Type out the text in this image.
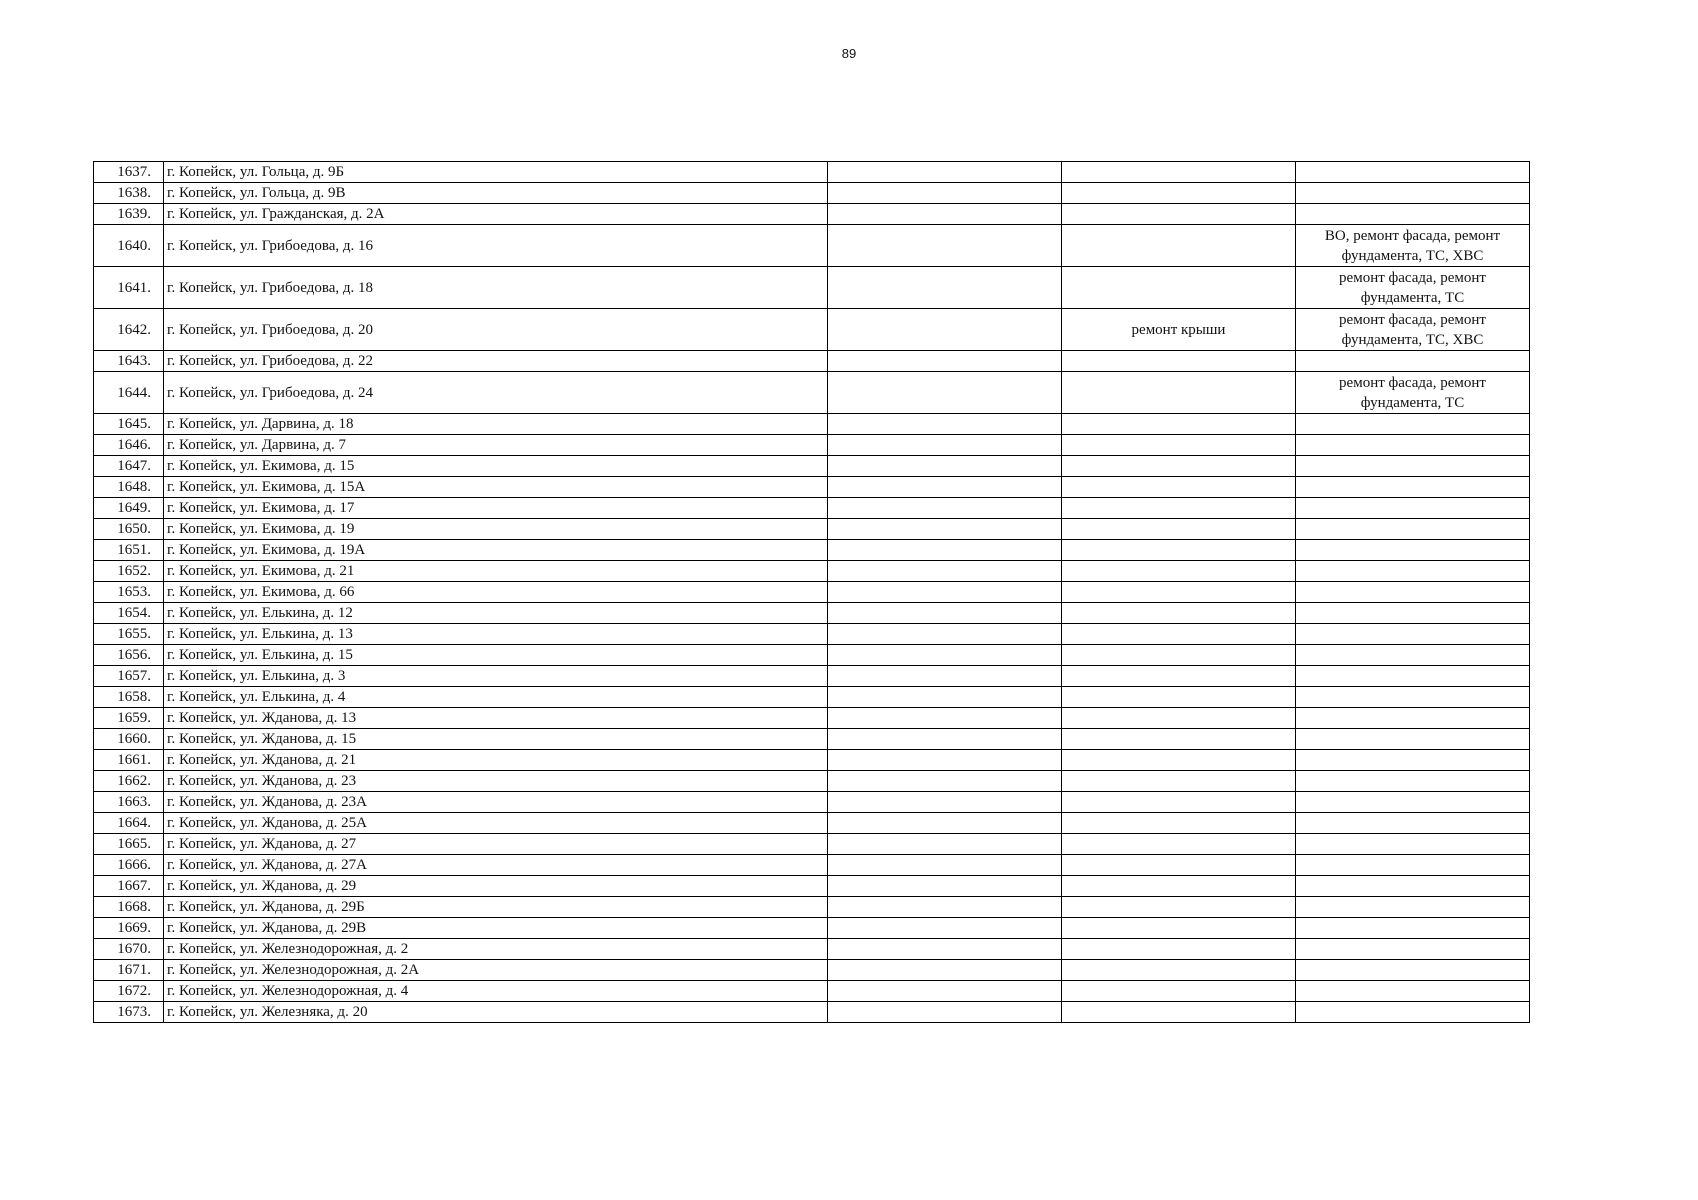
89
1637.	г. Копейск, ул. Гольца, д. 9Б			
1638.	г. Копейск, ул. Гольца, д. 9В			
1639.	г. Копейск, ул. Гражданская, д. 2А			
1640.	г. Копейск, ул. Грибоедова, д. 16			ВО, ремонт фасада, ремонт фундамента, ТС, ХВС
1641.	г. Копейск, ул. Грибоедова, д. 18			ремонт фасада, ремонт фундамента, ТС
1642.	г. Копейск, ул. Грибоедова, д. 20		ремонт крыши	ремонт фасада, ремонт фундамента, ТС, ХВС
1643.	г. Копейск, ул. Грибоедова, д. 22			
1644.	г. Копейск, ул. Грибоедова, д. 24			ремонт фасада, ремонт фундамента, ТС
1645.	г. Копейск, ул. Дарвина, д. 18			
1646.	г. Копейск, ул. Дарвина, д. 7			
1647.	г. Копейск, ул. Екимова, д. 15			
1648.	г. Копейск, ул. Екимова, д. 15А			
1649.	г. Копейск, ул. Екимова, д. 17			
1650.	г. Копейск, ул. Екимова, д. 19			
1651.	г. Копейск, ул. Екимова, д. 19А			
1652.	г. Копейск, ул. Екимова, д. 21			
1653.	г. Копейск, ул. Екимова, д. 66			
1654.	г. Копейск, ул. Елькина, д. 12			
1655.	г. Копейск, ул. Елькина, д. 13			
1656.	г. Копейск, ул. Елькина, д. 15			
1657.	г. Копейск, ул. Елькина, д. 3			
1658.	г. Копейск, ул. Елькина, д. 4			
1659.	г. Копейск, ул. Жданова, д. 13			
1660.	г. Копейск, ул. Жданова, д. 15			
1661.	г. Копейск, ул. Жданова, д. 21			
1662.	г. Копейск, ул. Жданова, д. 23			
1663.	г. Копейск, ул. Жданова, д. 23А			
1664.	г. Копейск, ул. Жданова, д. 25А			
1665.	г. Копейск, ул. Жданова, д. 27			
1666.	г. Копейск, ул. Жданова, д. 27А			
1667.	г. Копейск, ул. Жданова, д. 29			
1668.	г. Копейск, ул. Жданова, д. 29Б			
1669.	г. Копейск, ул. Жданова, д. 29В			
1670.	г. Копейск, ул. Железнодорожная, д. 2			
1671.	г. Копейск, ул. Железнодорожная, д. 2А			
1672.	г. Копейск, ул. Железнодорожная, д. 4			
1673.	г. Копейск, ул. Железняка, д. 20			
